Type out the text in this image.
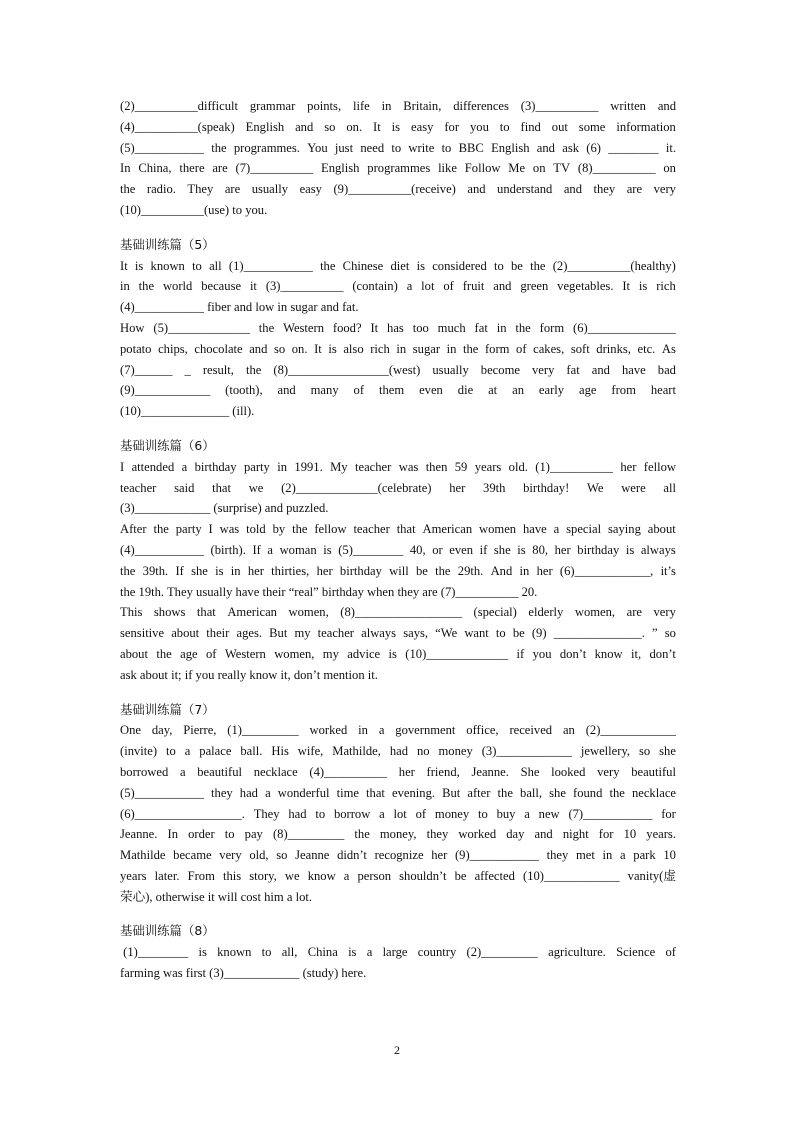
(2)__________difficult grammar points, life in Britain, differences (3)__________ written and
(4)__________(speak) English and so on. It is easy for you to find out some information
(5)___________ the programmes. You just need to write to BBC English and ask (6) ________ it.
In China, there are (7)__________ English programmes like Follow Me on TV (8)__________ on
the radio. They are usually easy (9)__________(receive) and understand and they are very
(10)__________(use) to you.
基础训练篇（5）
It is known to all (1)___________ the Chinese diet is considered to be the (2)__________(healthy)
in the world because it (3)__________ (contain) a lot of fruit and green vegetables. It is rich
(4)___________ fiber and low in sugar and fat.
How (5)_____________ the Western food? It has too much fat in the form (6)______________
potato chips, chocolate and so on. It is also rich in sugar in the form of cakes, soft drinks, etc. As
(7)______ _ result, the (8)________________(west) usually become very fat and have bad
(9)____________ (tooth), and many of them even die at an early age from heart
(10)______________ (ill).
基础训练篇（6）
I attended a birthday party in 1991. My teacher was then 59 years old. (1)__________ her fellow
teacher said that we (2)_____________(celebrate) her 39th birthday! We were all
(3)____________ (surprise) and puzzled.
After the party I was told by the fellow teacher that American women have a special saying about
(4)___________ (birth). If a woman is (5)________ 40, or even if she is 80, her birthday is always
the 39th. If she is in her thirties, her birthday will be the 29th. And in her (6)____________, it’s
the 19th. They usually have their “real” birthday when they are (7)__________ 20.
This shows that American women, (8)_________________ (special) elderly women, are very
sensitive about their ages. But my teacher always says, “We want to be (9) ______________. ” so
about the age of Western women, my advice is (10)_____________ if you don’t know it, don’t
ask about it; if you really know it, don’t mention it.
基础训练篇（7）
One day, Pierre, (1)_________ worked in a government office, received an (2)____________
(invite) to a palace ball. His wife, Mathilde, had no money (3)____________ jewellery, so she
borrowed a beautiful necklace (4)__________ her friend, Jeanne. She looked very beautiful
(5)___________ they had a wonderful time that evening. But after the ball, she found the necklace
(6)_________________. They had to borrow a lot of money to buy a new (7)___________ for
Jeanne. In order to pay (8)_________ the money, they worked day and night for 10 years.
Mathilde became very old, so Jeanne didn’t recognize her (9)___________ they met in a park 10
years later. From this story, we know a person shouldn’t be affected (10)____________ vanity(虚
荣心), otherwise it will cost him a lot.
基础训练篇（8）
(1)________ is known to all, China is a large country (2)_________ agriculture. Science of
farming was first (3)____________ (study) here.
2
